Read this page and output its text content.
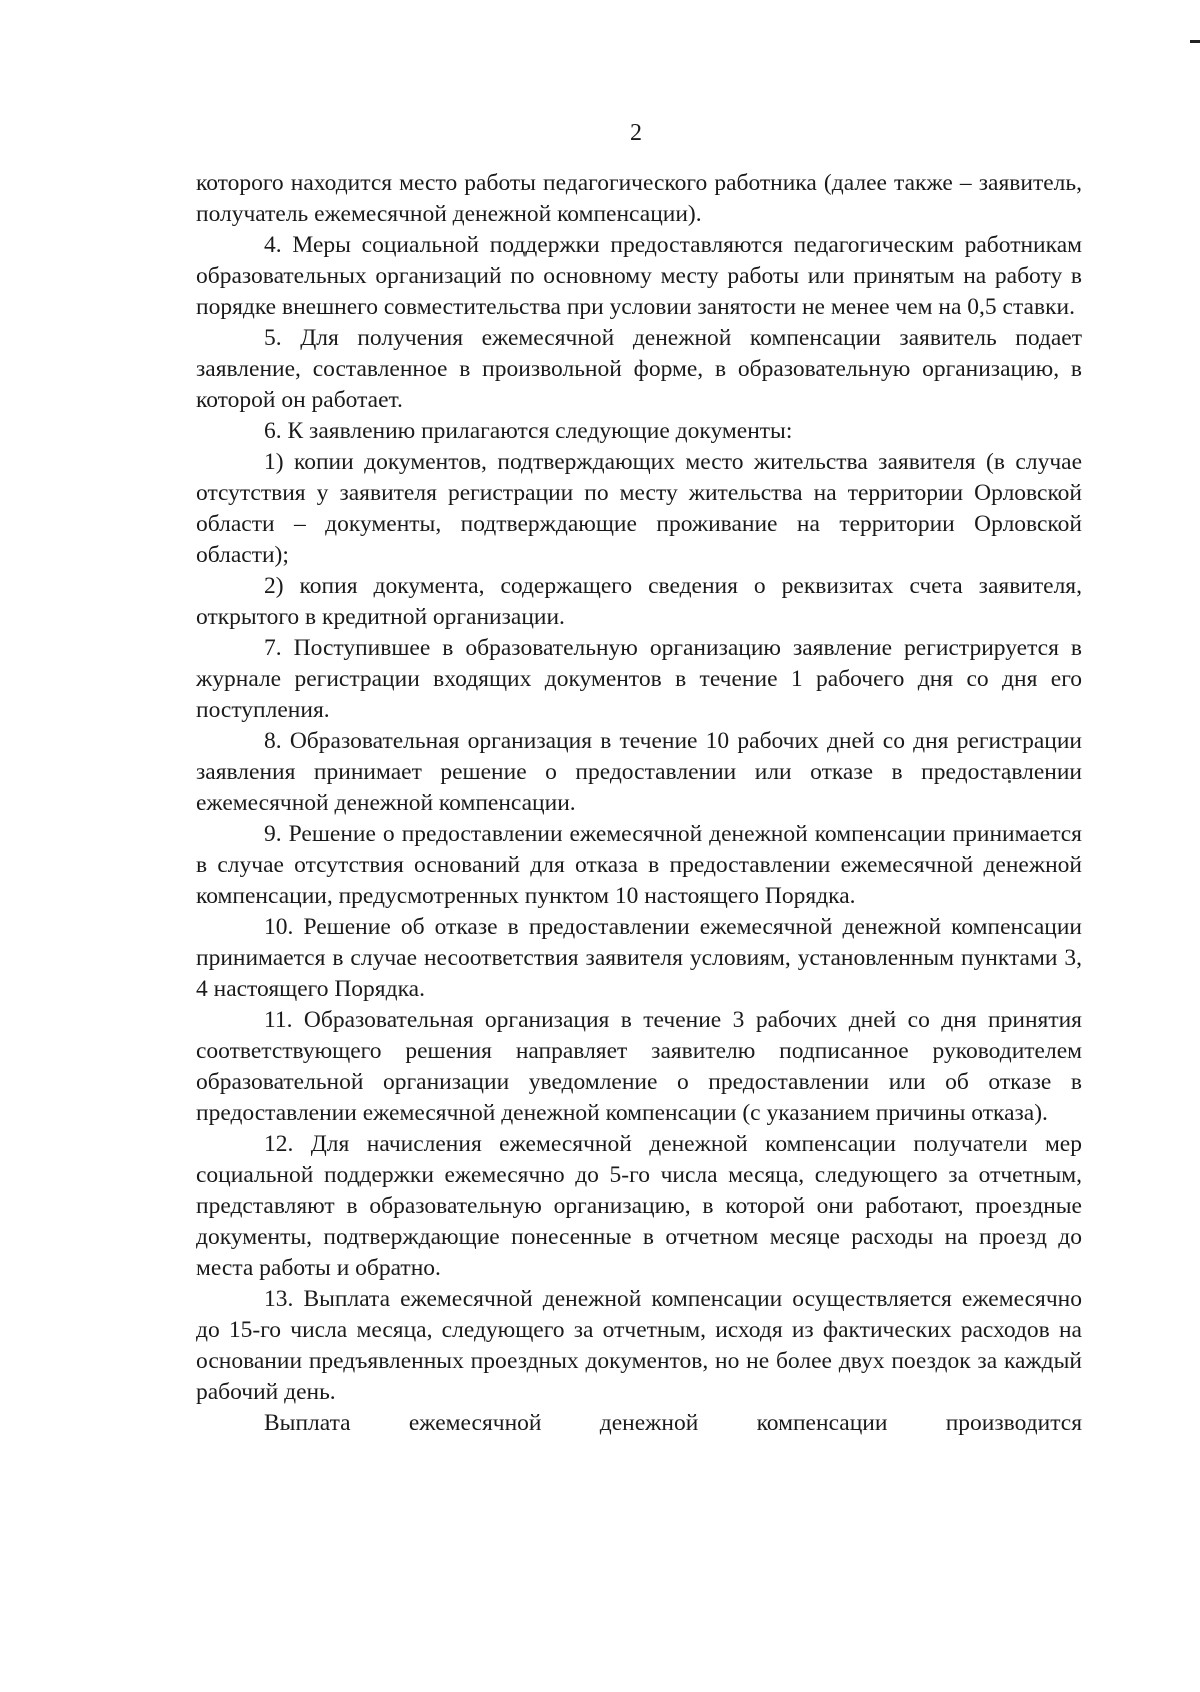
2

которого находится место работы педагогического работника (далее также – заявитель, получатель ежемесячной денежной компенсации).

4. Меры социальной поддержки предоставляются педагогическим работникам образовательных организаций по основному месту работы или принятым на работу в порядке внешнего совместительства при условии занятости не менее чем на 0,5 ставки.

5. Для получения ежемесячной денежной компенсации заявитель подает заявление, составленное в произвольной форме, в образовательную организацию, в которой он работает.

6. К заявлению прилагаются следующие документы:

1) копии документов, подтверждающих место жительства заявителя (в случае отсутствия у заявителя регистрации по месту жительства на территории Орловской области – документы, подтверждающие проживание на территории Орловской области);

2) копия документа, содержащего сведения о реквизитах счета заявителя, открытого в кредитной организации.

7. Поступившее в образовательную организацию заявление регистрируется в журнале регистрации входящих документов в течение 1 рабочего дня со дня его поступления.

8. Образовательная организация в течение 10 рабочих дней со дня регистрации заявления принимает решение о предоставлении или отказе в предоставлении ежемесячной денежной компенсации.

9. Решение о предоставлении ежемесячной денежной компенсации принимается в случае отсутствия оснований для отказа в предоставлении ежемесячной денежной компенсации, предусмотренных пунктом 10 настоящего Порядка.

10. Решение об отказе в предоставлении ежемесячной денежной компенсации принимается в случае несоответствия заявителя условиям, установленным пунктами 3, 4 настоящего Порядка.

11. Образовательная организация в течение 3 рабочих дней со дня принятия соответствующего решения направляет заявителю подписанное руководителем образовательной организации уведомление о предоставлении или об отказе в предоставлении ежемесячной денежной компенсации (с указанием причины отказа).

12. Для начисления ежемесячной денежной компенсации получатели мер социальной поддержки ежемесячно до 5-го числа месяца, следующего за отчетным, представляют в образовательную организацию, в которой они работают, проездные документы, подтверждающие понесенные в отчетном месяце расходы на проезд до места работы и обратно.

13. Выплата ежемесячной денежной компенсации осуществляется ежемесячно до 15-го числа месяца, следующего за отчетным, исходя из фактических расходов на основании предъявленных проездных документов, но не более двух поездок за каждый рабочий день.

Выплата ежемесячной денежной компенсации производится
